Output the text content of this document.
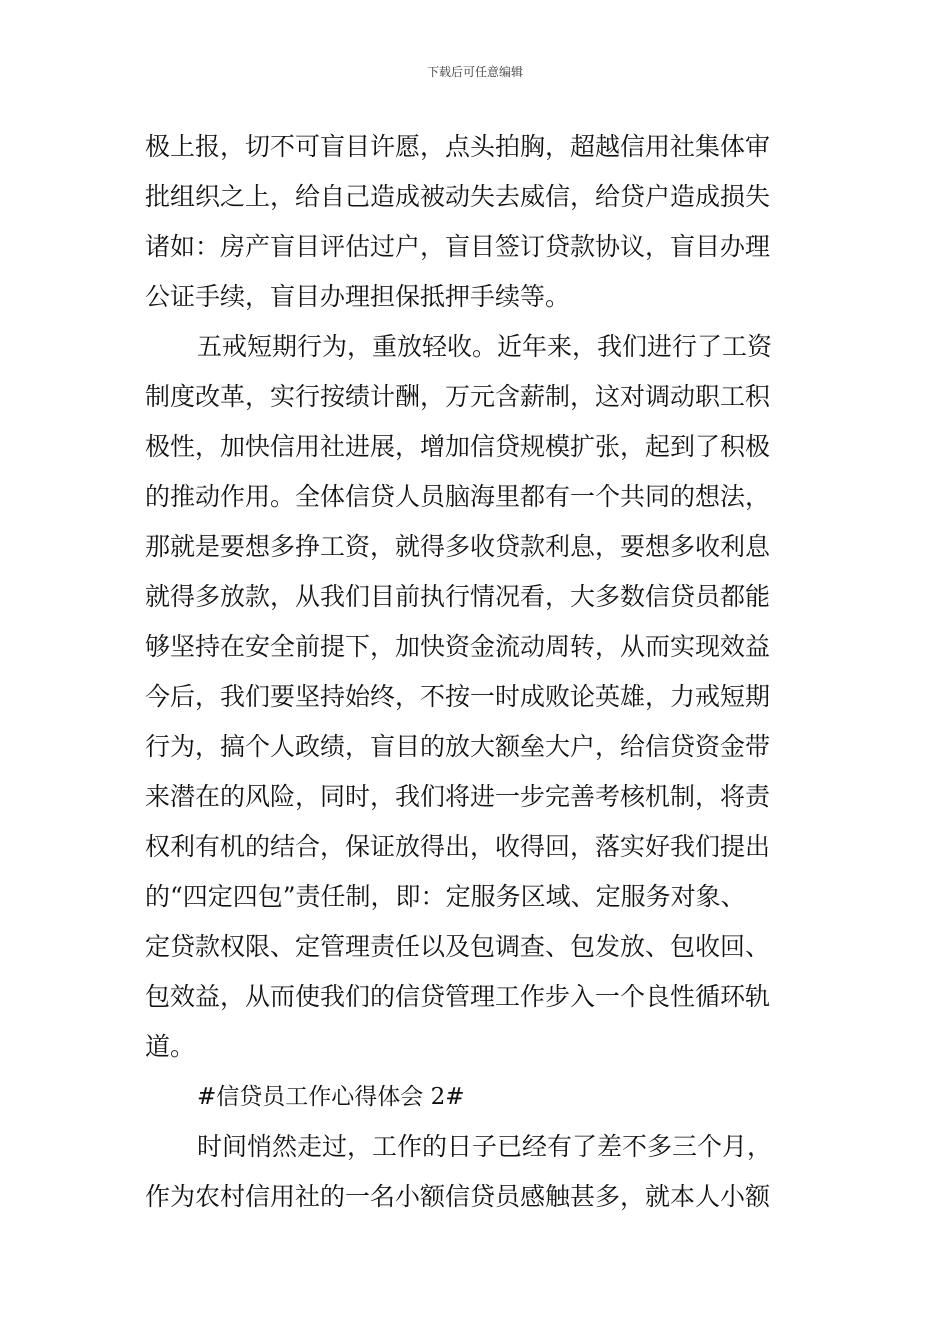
下载后可任意编辑
极上报，切不可盲目许愿，点头拍胸，超越信用社集体审
批组织之上，给自己造成被动失去威信，给贷户造成损失
诸如：房产盲目评估过户，盲目签订贷款协议，盲目办理
公证手续，盲目办理担保抵押手续等。
五戒短期行为，重放轻收。近年来，我们进行了工资
制度改革，实行按绩计酬，万元含薪制，这对调动职工积
极性，加快信用社进展，增加信贷规模扩张，起到了积极
的推动作用。全体信贷人员脑海里都有一个共同的想法，
那就是要想多挣工资，就得多收贷款利息，要想多收利息
就得多放款，从我们目前执行情况看，大多数信贷员都能
够坚持在安全前提下，加快资金流动周转，从而实现效益
今后，我们要坚持始终，不按一时成败论英雄，力戒短期
行为，搞个人政绩，盲目的放大额垒大户，给信贷资金带
来潜在的风险，同时，我们将进一步完善考核机制，将责
权利有机的结合，保证放得出，收得回，落实好我们提出
的“四定四包”责任制，即：定服务区域、定服务对象、
定贷款权限、定管理责任以及包调查、包发放、包收回、
包效益，从而使我们的信贷管理工作步入一个良性循环轨
道。
#信贷员工作心得体会 2#
时间悄然走过，工作的日子已经有了差不多三个月，
作为农村信用社的一名小额信贷员感触甚多，就本人小额
